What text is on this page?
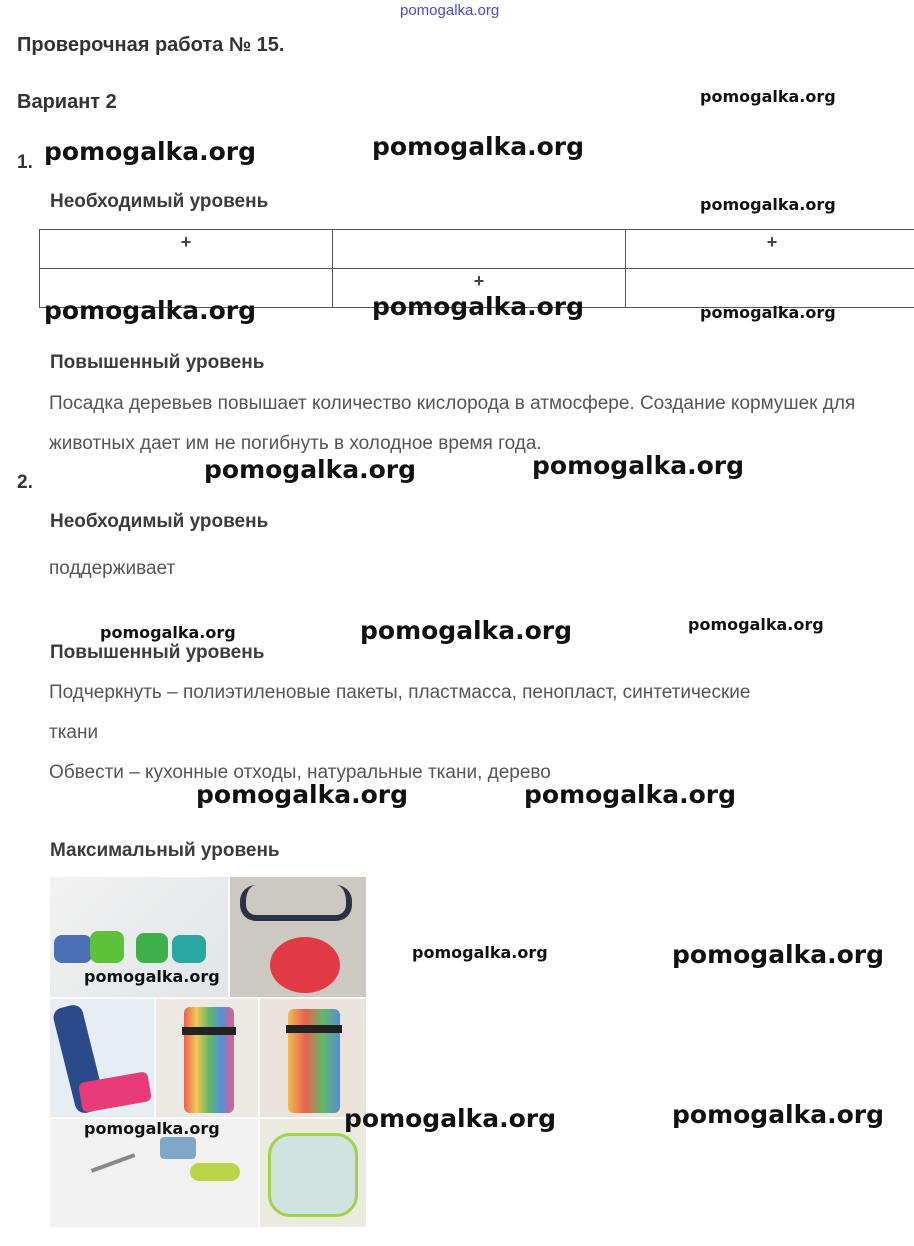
pomogalka.org
Проверочная работа № 15.
Вариант 2
1.
Необходимый уровень
+		+
	+	
Повышенный уровень
Посадка деревьев повышает количество кислорода в атмосфере. Создание кормушек для животных дает им не погибнуть в холодное время года.
2.
Необходимый уровень
поддерживает
Повышенный уровень
Подчеркнуть – полиэтиленовые пакеты, пластмасса, пенопласт, синтетические
ткани
Обвести – кухонные отходы, натуральные ткани, дерево
Максимальный уровень
pomogalka.org
pomogalka.org	pomogalka.org
pomogalka.org
pomogalka.org	pomogalka.org	pomogalka.org
pomogalka.org	pomogalka.org
pomogalka.org	pomogalka.org	pomogalka.org
pomogalka.org	pomogalka.org
pomogalka.org
pomogalka.org	pomogalka.org
pomogalka.org	pomogalka.org	pomogalka.org
